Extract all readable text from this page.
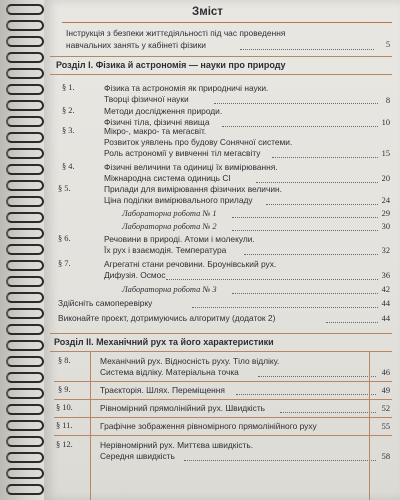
Зміст
Інструкція з безпеки життєдіяльності під час проведення
навчальних занять у кабінеті фізики	5
Розділ І. Фізика й астрономія — науки про природу
§ 1.	Фізика та астрономія як природничі науки.
Творці фізичної науки	8
§ 2.	Методи дослідження природи.
Фізичні тіла, фізичні явища	10
§ 3.	Мікро-, макро- та мегасвіт.
Розвиток уявлень про будову Сонячної системи.
Роль астрономії у вивченні тіл мегасвіту	15
§ 4.	Фізичні величини та одиниці їх вимірювання.
Міжнародна система одиниць СІ	20
§ 5.	Прилади для вимірювання фізичних величин.
Ціна поділки вимірювального приладу	24
Лабораторна робота № 1	29
Лабораторна робота № 2	30
§ 6.	Речовини в природі. Атоми і молекули.
Їх рух і взаємодія. Температура	32
§ 7.	Агрегатні стани речовини. Броунівський рух.
Дифузія. Осмос	36
Лабораторна робота № 3	42
Здійсніть самоперевірку	44
Виконайте проєкт, дотримуючись алгоритму (додаток 2)	44
Розділ ІІ. Механічний рух та його характеристики
§ 8.	Механічний рух. Відносність руху. Тіло відліку.
Система відліку. Матеріальна точка	46
§ 9.	Траєкторія. Шлях. Переміщення	49
§ 10.	Рівномірний прямолінійний рух. Швидкість	52
§ 11.	Графічне зображення рівномірного прямолінійного руху	55
§ 12.	Нерівномірний рух. Миттєва швидкість.
Середня швидкість	58
